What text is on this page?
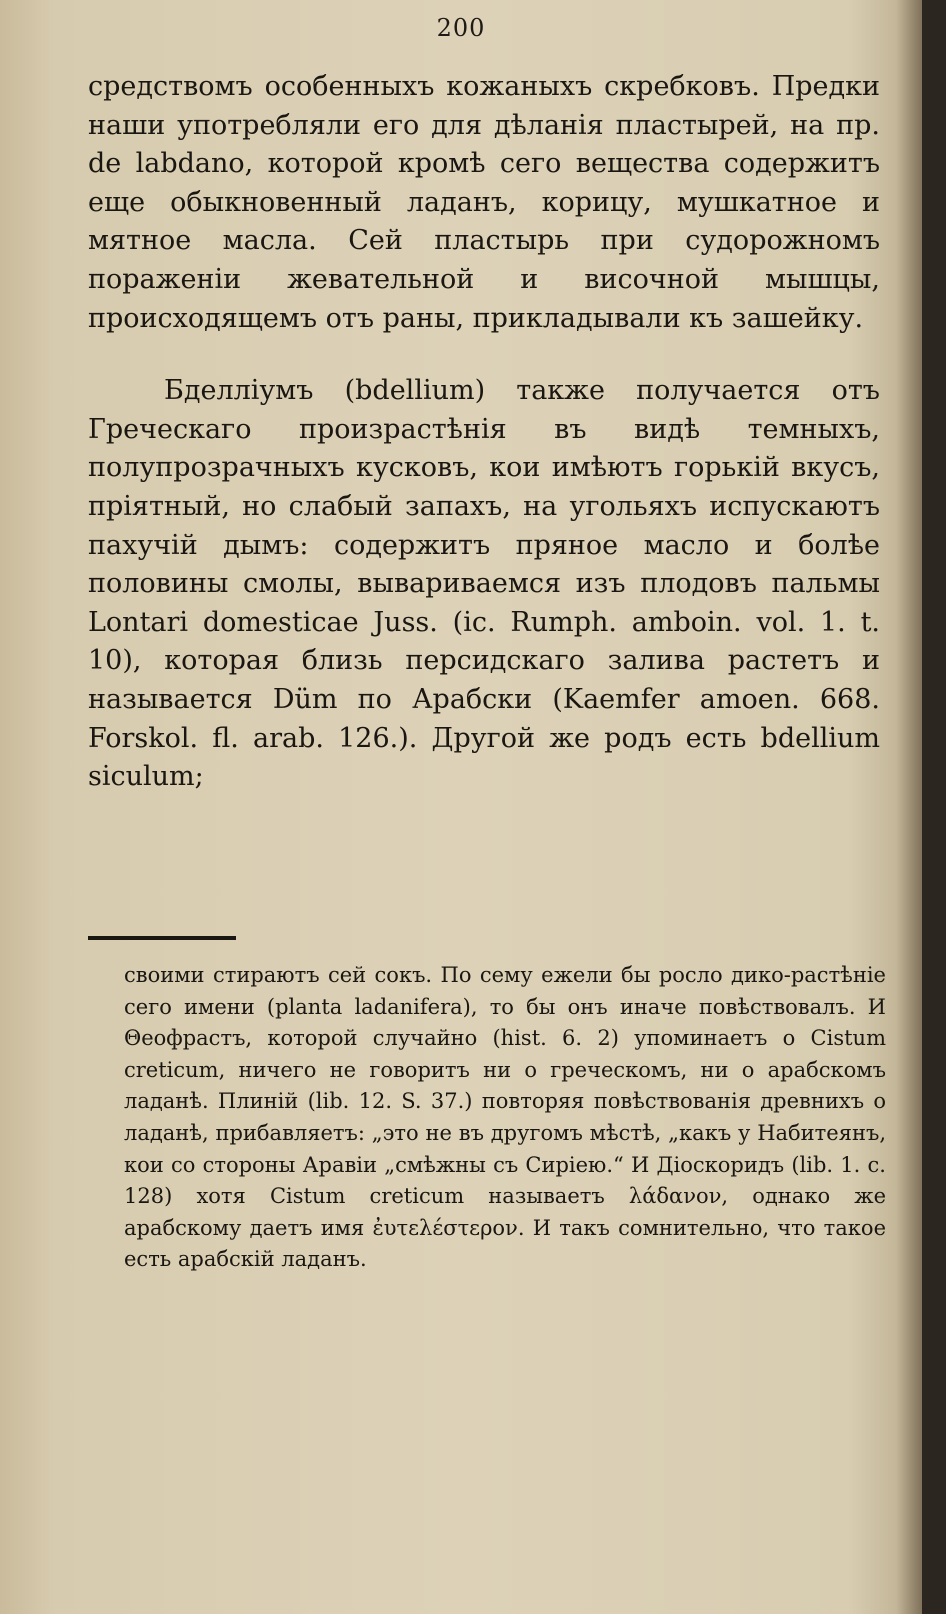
200

средствомъ особенныхъ кожаныхъ скребковъ. Предки наши употребляли его для дѣланія пластырей, на пр. de labdano, которой кромѣ сего вещества содержитъ еще обыкновенный ладанъ, корицу, мушкатное и мятное масла. Сей пластырь при судорожномъ пораженіи жевательной и височной мышцы, происходящемъ отъ раны, прикладывали къ зашейку.

Бделліумъ (bdellium) также получается отъ Греческаго произрастѣнія въ видѣ темныхъ, полупрозрачныхъ кусковъ, кои имѣютъ горькій вкусъ, пріятный, но слабый запахъ, на угольяхъ испускаютъ пахучій дымъ: содержитъ пряное масло и болѣе половины смолы, вывариваемся изъ плодовъ пальмы Lontari domesticae Juss. (ic. Rumph. amboin. vol. 1. t. 10), которая близь персидскаго залива растетъ и называется Düm по Арабски (Kaemfer amoen. 668. Forskol. fl. arab. 126.). Другой же родъ есть bdellium siculum;

своими стираютъ сей сокъ. По сему ежели бы росло дико-растѣніе сего имени (planta ladanifera), то бы онъ иначе повѣствовалъ. И Θеофрастъ, которой случайно (hist. 6. 2) упоминаетъ о Cistum creticum, ничего не говоритъ ни о греческомъ, ни о арабскомъ ладанѣ. Плиній (lib. 12. S. 37.) повторяя повѣствованія древнихъ о ладанѣ, прибавляетъ: „это не въ другомъ мѣстѣ, „какъ у Набитеянъ, кои со стороны Аравіи „смѣжны съ Сиріею.“ И Діоскоридъ (lib. 1. c. 128) хотя Cistum creticum называетъ λάδανον, однако же арабскому даетъ имя ἐυτελέστερον. И такъ сомнительно, что такое есть арабскій ладанъ.
